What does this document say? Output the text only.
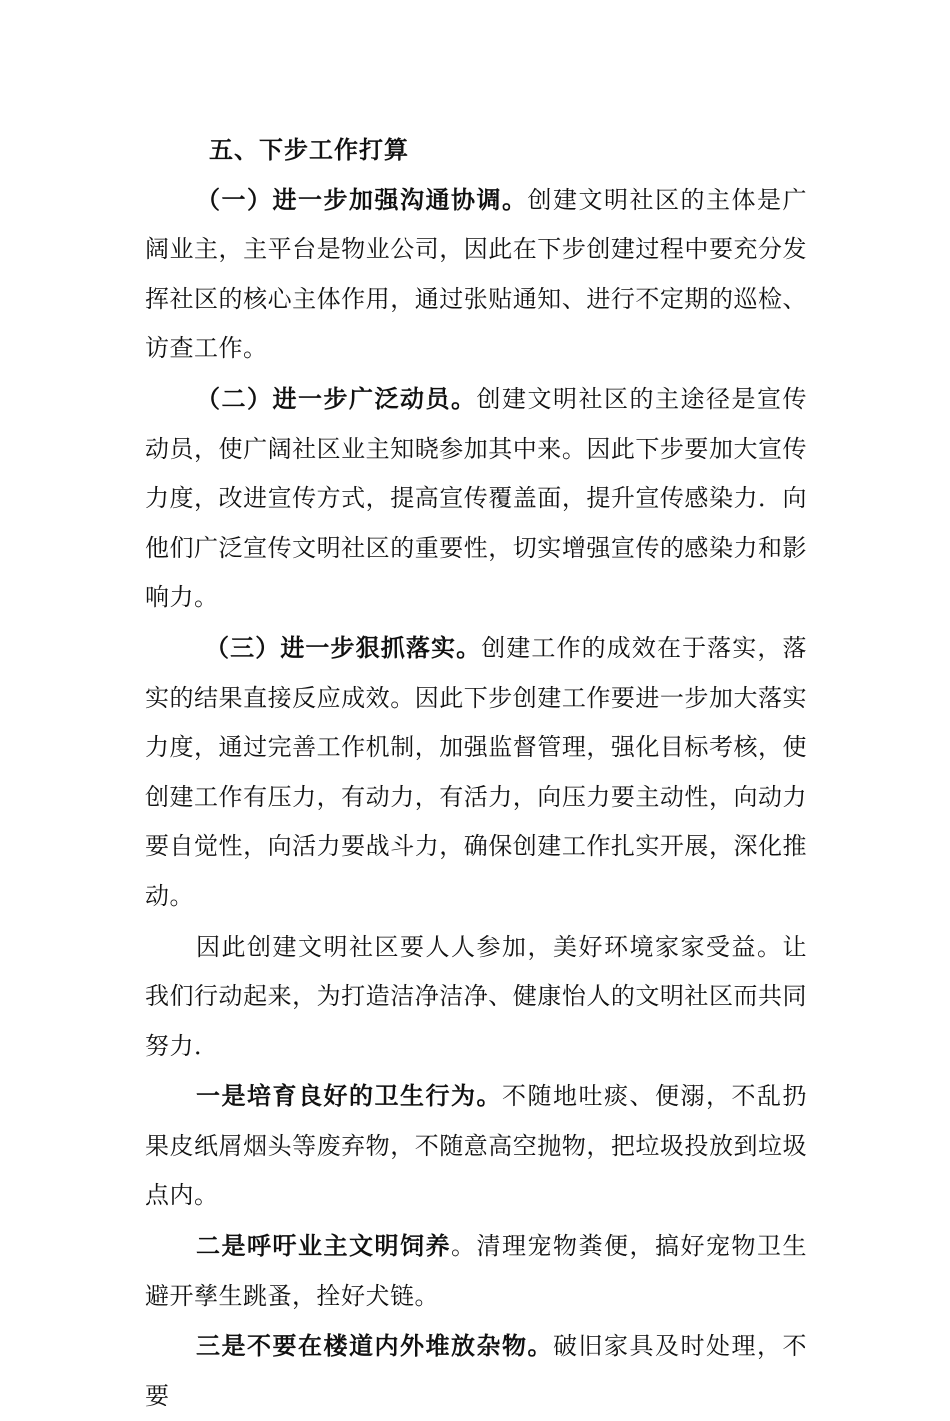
五、下步工作打算

（一）进一步加强沟通协调。创建文明社区的主体是广阔业主，主平台是物业公司，因此在下步创建过程中要充分发挥社区的核心主体作用，通过张贴通知、进行不定期的巡检、访查工作。

（二）进一步广泛动员。创建文明社区的主途径是宣传动员，使广阔社区业主知晓参加其中来。因此下步要加大宣传力度，改进宣传方式，提高宣传覆盖面，提升宣传感染力．向他们广泛宣传文明社区的重要性，切实增强宣传的感染力和影响力。

（三）进一步狠抓落实。创建工作的成效在于落实，落实的结果直接反应成效。因此下步创建工作要进一步加大落实力度，通过完善工作机制，加强监督管理，强化目标考核，使创建工作有压力，有动力，有活力，向压力要主动性，向动力要自觉性，向活力要战斗力，确保创建工作扎实开展，深化推动。

因此创建文明社区要人人参加，美好环境家家受益。让我们行动起来，为打造洁净洁净、健康怡人的文明社区而共同努力．

一是培育良好的卫生行为。不随地吐痰、便溺，不乱扔果皮纸屑烟头等废弃物，不随意高空抛物，把垃圾投放到垃圾点内。

二是呼吁业主文明饲养。清理宠物粪便，搞好宠物卫生避开孳生跳蚤，拴好犬链。

三是不要在楼道内外堆放杂物。破旧家具及时处理，不要
